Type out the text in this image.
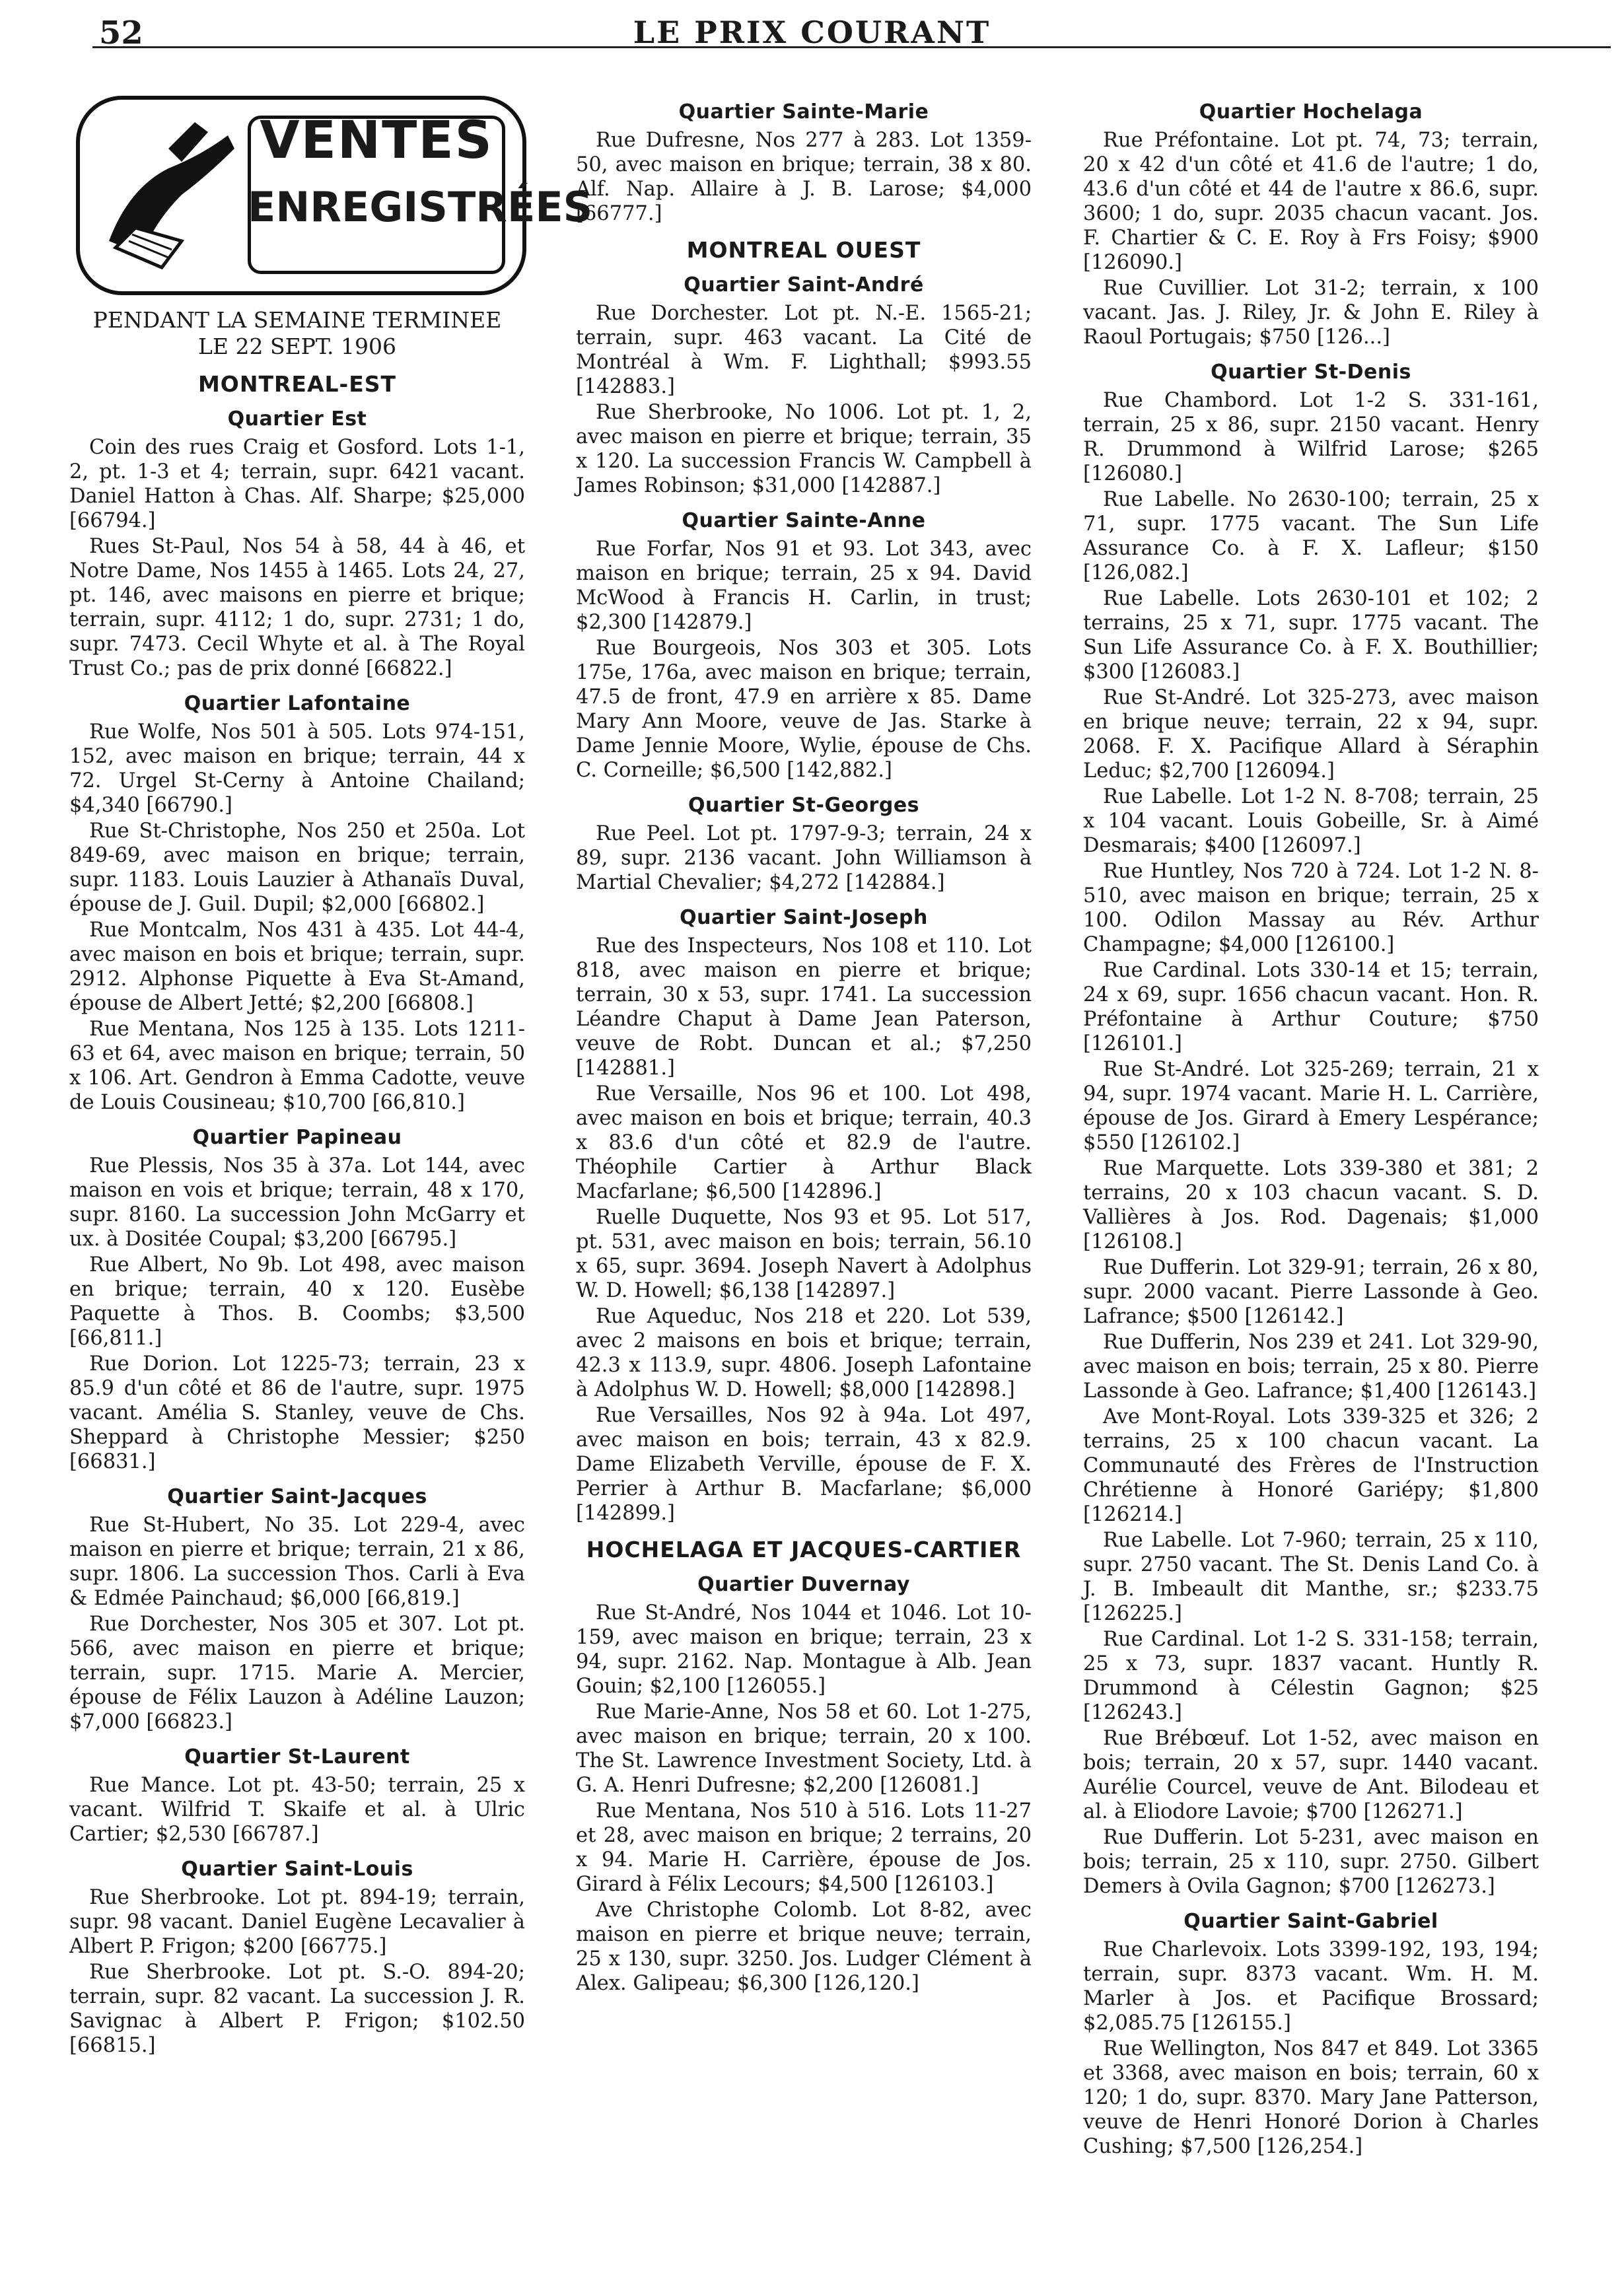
52	LE PRIX COURANT
VENTES
ENREGISTRÉES
PENDANT LA SEMAINE TERMINEE
LE 22 SEPT. 1906
MONTREAL-EST
Quartier Est
Coin des rues Craig et Gosford. Lots 1-1, 2, pt. 1-3 et 4; terrain, supr. 6421 vacant. Daniel Hatton à Chas. Alf. Sharpe; $25,000 [66794.]
Rues St-Paul, Nos 54 à 58, 44 à 46, et Notre Dame, Nos 1455 à 1465. Lots 24, 27, pt. 146, avec maisons en pierre et brique; terrain, supr. 4112; 1 do, supr. 2731; 1 do, supr. 7473. Cecil Whyte et al. à The Royal Trust Co.; pas de prix donné [66822.]
Quartier Lafontaine
Rue Wolfe, Nos 501 à 505. Lots 974-151, 152, avec maison en brique; terrain, 44 x 72. Urgel St-Cerny à Antoine Chailand; $4,340 [66790.]
Rue St-Christophe, Nos 250 et 250a. Lot 849-69, avec maison en brique; terrain, supr. 1183. Louis Lauzier à Athanaïs Duval, épouse de J. Guil. Dupil; $2,000 [66802.]
Rue Montcalm, Nos 431 à 435. Lot 44-4, avec maison en bois et brique; terrain, supr. 2912. Alphonse Piquette à Eva St-Amand, épouse de Albert Jetté; $2,200 [66808.]
Rue Mentana, Nos 125 à 135. Lots 1211-63 et 64, avec maison en brique; terrain, 50 x 106. Art. Gendron à Emma Cadotte, veuve de Louis Cousineau; $10,700 [66,810.]
Quartier Papineau
Rue Plessis, Nos 35 à 37a. Lot 144, avec maison en vois et brique; terrain, 48 x 170, supr. 8160. La succession John McGarry et ux. à Dositée Coupal; $3,200 [66795.]
Rue Albert, No 9b. Lot 498, avec maison en brique; terrain, 40 x 120. Eusèbe Paquette à Thos. B. Coombs; $3,500 [66,811.]
Rue Dorion. Lot 1225-73; terrain, 23 x 85.9 d'un côté et 86 de l'autre, supr. 1975 vacant. Amélia S. Stanley, veuve de Chs. Sheppard à Christophe Messier; $250 [66831.]
Quartier Saint-Jacques
Rue St-Hubert, No 35. Lot 229-4, avec maison en pierre et brique; terrain, 21 x 86, supr. 1806. La succession Thos. Carli à Eva & Edmée Painchaud; $6,000 [66,819.]
Rue Dorchester, Nos 305 et 307. Lot pt. 566, avec maison en pierre et brique; terrain, supr. 1715. Marie A. Mercier, épouse de Félix Lauzon à Adéline Lauzon; $7,000 [66823.]
Quartier St-Laurent
Rue Mance. Lot pt. 43-50; terrain, 25 x vacant. Wilfrid T. Skaife et al. à Ulric Cartier; $2,530 [66787.]
Quartier Saint-Louis
Rue Sherbrooke. Lot pt. 894-19; terrain, supr. 98 vacant. Daniel Eugène Lecavalier à Albert P. Frigon; $200 [66775.]
Rue Sherbrooke. Lot pt. S.-O. 894-20; terrain, supr. 82 vacant. La succession J. R. Savignac à Albert P. Frigon; $102.50 [66815.]
Quartier Sainte-Marie
Rue Dufresne, Nos 277 à 283. Lot 1359-50, avec maison en brique; terrain, 38 x 80. Alf. Nap. Allaire à J. B. Larose; $4,000 [66777.]
MONTREAL OUEST
Quartier Saint-André
Rue Dorchester. Lot pt. N.-E. 1565-21; terrain, supr. 463 vacant. La Cité de Montréal à Wm. F. Lighthall; $993.55 [142883.]
Rue Sherbrooke, No 1006. Lot pt. 1, 2, avec maison en pierre et brique; terrain, 35 x 120. La succession Francis W. Campbell à James Robinson; $31,000 [142887.]
Quartier Sainte-Anne
Rue Forfar, Nos 91 et 93. Lot 343, avec maison en brique; terrain, 25 x 94. David McWood à Francis H. Carlin, in trust; $2,300 [142879.]
Rue Bourgeois, Nos 303 et 305. Lots 175e, 176a, avec maison en brique; terrain, 47.5 de front, 47.9 en arrière x 85. Dame Mary Ann Moore, veuve de Jas. Starke à Dame Jennie Moore, Wylie, épouse de Chs. C. Corneille; $6,500 [142,882.]
Quartier St-Georges
Rue Peel. Lot pt. 1797-9-3; terrain, 24 x 89, supr. 2136 vacant. John Williamson à Martial Chevalier; $4,272 [142884.]
Quartier Saint-Joseph
Rue des Inspecteurs, Nos 108 et 110. Lot 818, avec maison en pierre et brique; terrain, 30 x 53, supr. 1741. La succession Léandre Chaput à Dame Jean Paterson, veuve de Robt. Duncan et al.; $7,250 [142881.]
Rue Versaille, Nos 96 et 100. Lot 498, avec maison en bois et brique; terrain, 40.3 x 83.6 d'un côté et 82.9 de l'autre. Théophile Cartier à Arthur Black Macfarlane; $6,500 [142896.]
Ruelle Duquette, Nos 93 et 95. Lot 517, pt. 531, avec maison en bois; terrain, 56.10 x 65, supr. 3694. Joseph Navert à Adolphus W. D. Howell; $6,138 [142897.]
Rue Aqueduc, Nos 218 et 220. Lot 539, avec 2 maisons en bois et brique; terrain, 42.3 x 113.9, supr. 4806. Joseph Lafontaine à Adolphus W. D. Howell; $8,000 [142898.]
Rue Versailles, Nos 92 à 94a. Lot 497, avec maison en bois; terrain, 43 x 82.9. Dame Elizabeth Verville, épouse de F. X. Perrier à Arthur B. Macfarlane; $6,000 [142899.]
HOCHELAGA ET JACQUES-CARTIER
Quartier Duvernay
Rue St-André, Nos 1044 et 1046. Lot 10-159, avec maison en brique; terrain, 23 x 94, supr. 2162. Nap. Montague à Alb. Jean Gouin; $2,100 [126055.]
Rue Marie-Anne, Nos 58 et 60. Lot 1-275, avec maison en brique; terrain, 20 x 100. The St. Lawrence Investment Society, Ltd. à G. A. Henri Dufresne; $2,200 [126081.]
Rue Mentana, Nos 510 à 516. Lots 11-27 et 28, avec maison en brique; 2 terrains, 20 x 94. Marie H. Carrière, épouse de Jos. Girard à Félix Lecours; $4,500 [126103.]
Ave Christophe Colomb. Lot 8-82, avec maison en pierre et brique neuve; terrain, 25 x 130, supr. 3250. Jos. Ludger Clément à Alex. Galipeau; $6,300 [126,120.]
Quartier Hochelaga
Rue Préfontaine. Lot pt. 74, 73; terrain, 20 x 42 d'un côté et 41.6 de l'autre; 1 do, 43.6 d'un côté et 44 de l'autre x 86.6, supr. 3600; 1 do, supr. 2035 chacun vacant. Jos. F. Chartier & C. E. Roy à Frs Foisy; $900 [126090.]
Rue Cuvillier. Lot 31-2; terrain, x 100 vacant. Jas. J. Riley, Jr. & John E. Riley à Raoul Portugais; $750 [126...]
Quartier St-Denis
Rue Chambord. Lot 1-2 S. 331-161, terrain, 25 x 86, supr. 2150 vacant. Henry R. Drummond à Wilfrid Larose; $265 [126080.]
Rue Labelle. No 2630-100; terrain, 25 x 71, supr. 1775 vacant. The Sun Life Assurance Co. à F. X. Lafleur; $150 [126,082.]
Rue Labelle. Lots 2630-101 et 102; 2 terrains, 25 x 71, supr. 1775 vacant. The Sun Life Assurance Co. à F. X. Bouthillier; $300 [126083.]
Rue St-André. Lot 325-273, avec maison en brique neuve; terrain, 22 x 94, supr. 2068. F. X. Pacifique Allard à Séraphin Leduc; $2,700 [126094.]
Rue Labelle. Lot 1-2 N. 8-708; terrain, 25 x 104 vacant. Louis Gobeille, Sr. à Aimé Desmarais; $400 [126097.]
Rue Huntley, Nos 720 à 724. Lot 1-2 N. 8-510, avec maison en brique; terrain, 25 x 100. Odilon Massay au Rév. Arthur Champagne; $4,000 [126100.]
Rue Cardinal. Lots 330-14 et 15; terrain, 24 x 69, supr. 1656 chacun vacant. Hon. R. Préfontaine à Arthur Couture; $750 [126101.]
Rue St-André. Lot 325-269; terrain, 21 x 94, supr. 1974 vacant. Marie H. L. Carrière, épouse de Jos. Girard à Emery Lespérance; $550 [126102.]
Rue Marquette. Lots 339-380 et 381; 2 terrains, 20 x 103 chacun vacant. S. D. Vallières à Jos. Rod. Dagenais; $1,000 [126108.]
Rue Dufferin. Lot 329-91; terrain, 26 x 80, supr. 2000 vacant. Pierre Lassonde à Geo. Lafrance; $500 [126142.]
Rue Dufferin, Nos 239 et 241. Lot 329-90, avec maison en bois; terrain, 25 x 80. Pierre Lassonde à Geo. Lafrance; $1,400 [126143.]
Ave Mont-Royal. Lots 339-325 et 326; 2 terrains, 25 x 100 chacun vacant. La Communauté des Frères de l'Instruction Chrétienne à Honoré Gariépy; $1,800 [126214.]
Rue Labelle. Lot 7-960; terrain, 25 x 110, supr. 2750 vacant. The St. Denis Land Co. à J. B. Imbeault dit Manthe, sr.; $233.75 [126225.]
Rue Cardinal. Lot 1-2 S. 331-158; terrain, 25 x 73, supr. 1837 vacant. Huntly R. Drummond à Célestin Gagnon; $25 [126243.]
Rue Brébœuf. Lot 1-52, avec maison en bois; terrain, 20 x 57, supr. 1440 vacant. Aurélie Courcel, veuve de Ant. Bilodeau et al. à Eliodore Lavoie; $700 [126271.]
Rue Dufferin. Lot 5-231, avec maison en bois; terrain, 25 x 110, supr. 2750. Gilbert Demers à Ovila Gagnon; $700 [126273.]
Quartier Saint-Gabriel
Rue Charlevoix. Lots 3399-192, 193, 194; terrain, supr. 8373 vacant. Wm. H. M. Marler à Jos. et Pacifique Brossard; $2,085.75 [126155.]
Rue Wellington, Nos 847 et 849. Lot 3365 et 3368, avec maison en bois; terrain, 60 x 120; 1 do, supr. 8370. Mary Jane Patterson, veuve de Henri Honoré Dorion à Charles Cushing; $7,500 [126,254.]
